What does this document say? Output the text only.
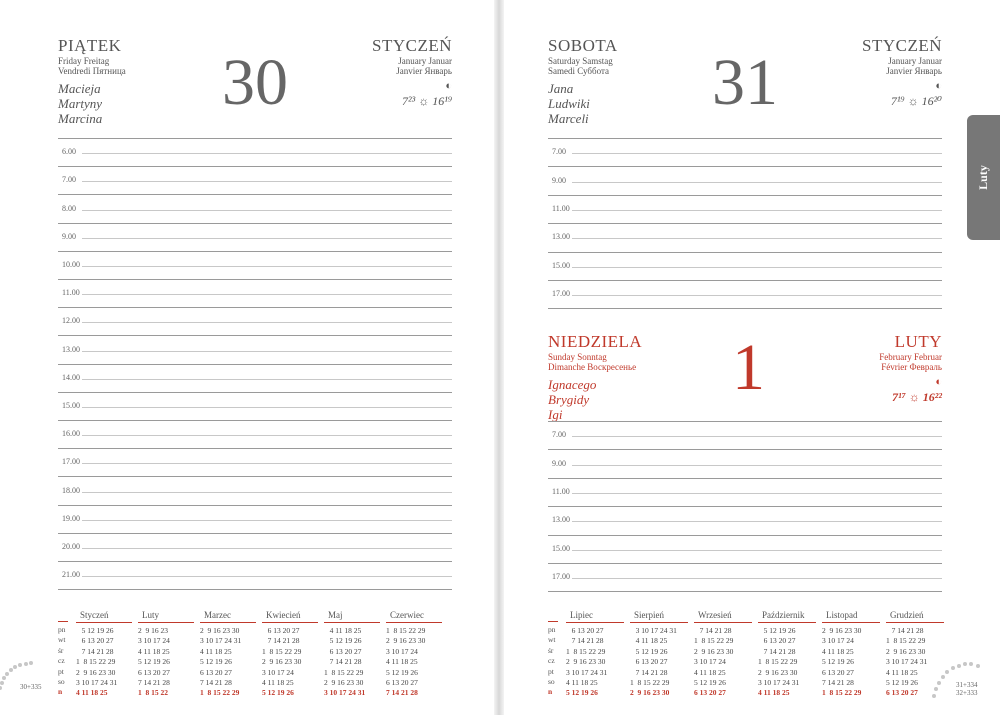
PIĄTEK
Friday Freitag
Vendredi Пятница
Macieja
Martyny
Marcina 30
STYCZEŃ
January Januar
Janvier Январь
◐
7²³ ☼ 16¹⁹
6.00
7.00
8.00
9.00
10.00
11.00
12.00
13.00
14.00
15.00
16.00
17.00
18.00
19.00
20.00
21.00
pn
wt
śr
cz
pt
so
n
Styczeń
5 12 19 26
6 13 20 27
7 14 21 28
1  8 15 22 29
2  9 16 23 30
3 10 17 24 31
4 11 18 25
Luty
2  9 16 23
3 10 17 24
4 11 18 25
5 12 19 26
6 13 20 27
7 14 21 28
1  8 15 22
Marzec
2  9 16 23 30
3 10 17 24 31
4 11 18 25
5 12 19 26
6 13 20 27
7 14 21 28
1  8 15 22 29
Kwiecień
6 13 20 27
7 14 21 28
1  8 15 22 29
2  9 16 23 30
3 10 17 24
4 11 18 25
5 12 19 26
Maj
4 11 18 25
5 12 19 26
6 13 20 27
7 14 21 28
1  8 15 22 29
2  9 16 23 30
3 10 17 24 31
Czerwiec
1  8 15 22 29
2  9 16 23 30
3 10 17 24
4 11 18 25
5 12 19 26
6 13 20 27
7 14 21 28
30+335
SOBOTA
Saturday Samstag
Samedi Суббота
Jana
Ludwiki
Marceli 31
STYCZEŃ
January Januar
Janvier Январь
◐
7¹⁹ ☼ 16²⁰
NIEDZIELA
Sunday Sonntag
Dimanche Воскресенье
Ignacego
Brygidy
Igi
1	LUTY
February Februar
Février Февраль
◐
7¹⁷ ☼ 16²²
7.00
9.00
11.00
13.00
15.00
17.00
7.00
9.00
11.00
13.00
15.00
17.00
pn
wt
śr
cz
pt
so
n
Lipiec
6 13 20 27
7 14 21 28
1  8 15 22 29
2  9 16 23 30
3 10 17 24 31
4 11 18 25
5 12 19 26
Sierpień
3 10 17 24 31
4 11 18 25
5 12 19 26
6 13 20 27
7 14 21 28
1  8 15 22 29
2  9 16 23 30
Wrzesień
7 14 21 28
1  8 15 22 29
2  9 16 23 30
3 10 17 24
4 11 18 25
5 12 19 26
6 13 20 27
Październik
5 12 19 26
6 13 20 27
7 14 21 28
1  8 15 22 29
2  9 16 23 30
3 10 17 24 31
4 11 18 25
Listopad
2  9 16 23 30
3 10 17 24
4 11 18 25
5 12 19 26
6 13 20 27
7 14 21 28
1  8 15 22 29
Grudzień
7 14 21 28
1  8 15 22 29
2  9 16 23 30
3 10 17 24 31
4 11 18 25
5 12 19 26
6 13 20 27
31+334
32+333
Luty
